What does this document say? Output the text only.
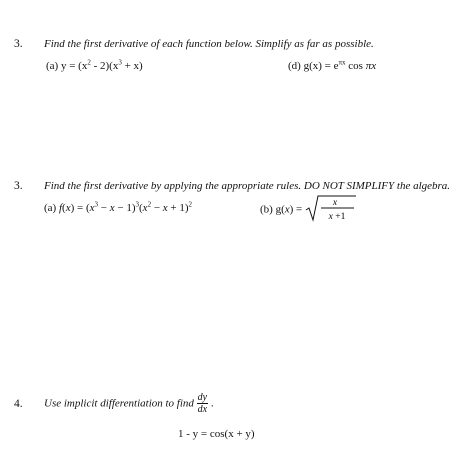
3. Find the first derivative of each function below. Simplify as far as possible.
(a) $y = (x^2 - 2)(x^3 + x)$	(d) $g(x) = e^{\pi x}$ cos πx
3. Find the first derivative by applying the appropriate rules. DO NOT SIMPLIFY the algebra.
(a) $f(x) = (x^3 - x - 1)^3(x^2 - x + 1)^2$	(b) g(x) =
x
x +1
4. Use implicit differentiation to find $\frac{dy}{dx}$ .
1 - y = cos(x + y)
